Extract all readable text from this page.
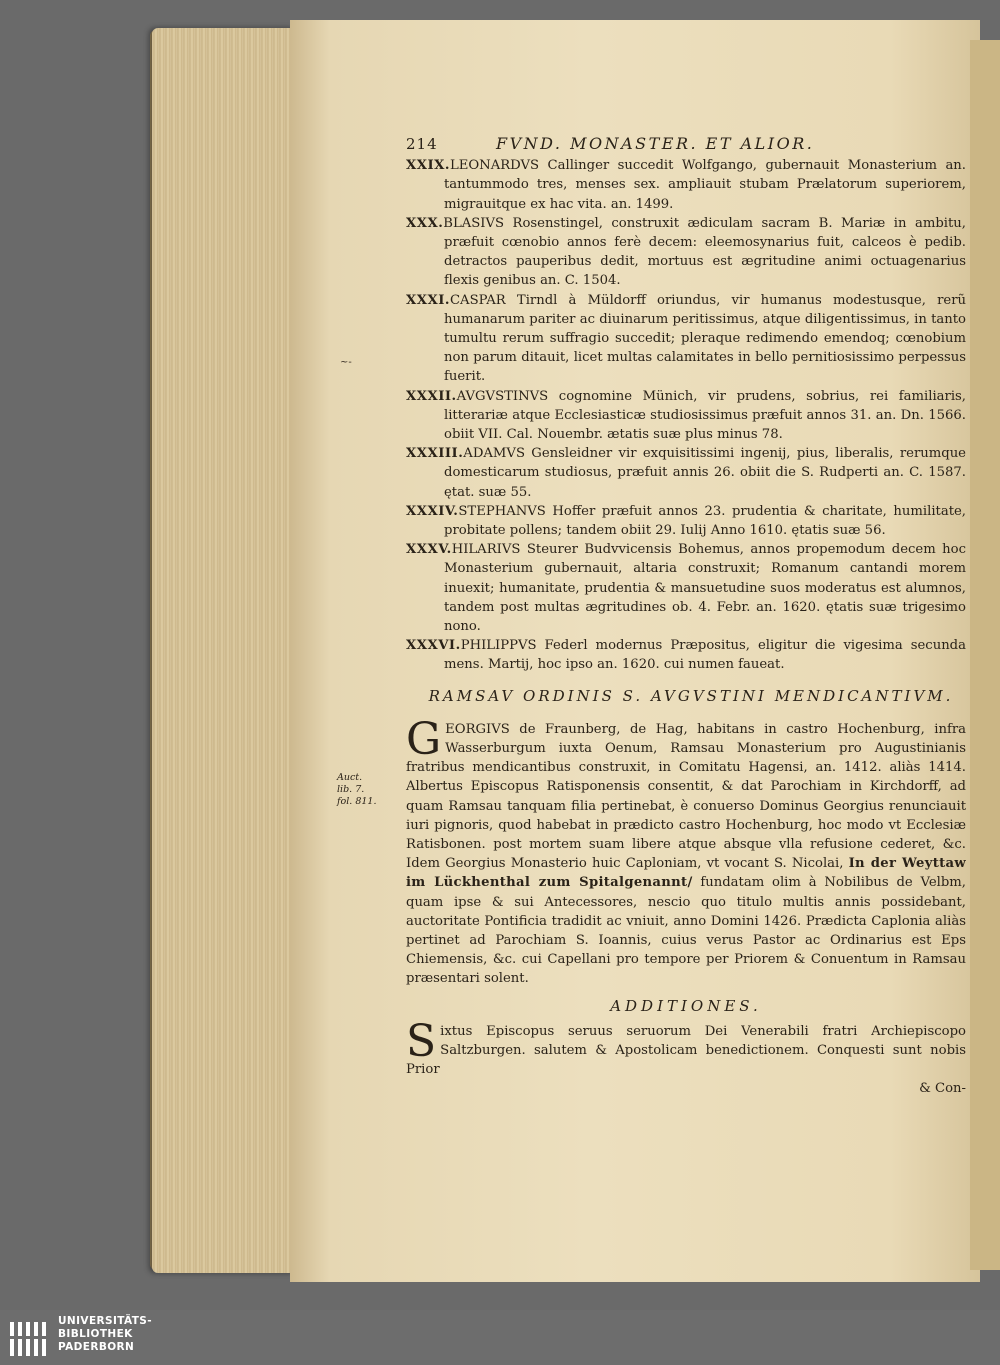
~-
Auct. lib. 7. fol. 811.
214	FVND. MONASTER. ET ALIOR.
XXIX.LEONARDVS Callinger succedit Wolfgango, gubernauit Monasterium an. tantummodo tres, menses sex. ampliauit stubam Prælatorum superiorem, migrauitque ex hac vita. an. 1499.
XXX.BLASIVS Rosenstingel, construxit ædiculam sacram B. Mariæ in ambitu, præfuit cœnobio annos ferè decem: eleemosynarius fuit, calceos è pedib. detractos pauperibus dedit, mortuus est ægritudine animi octuagenarius flexis genibus an. C. 1504.
XXXI.CASPAR Tirndl à Müldorff oriundus, vir humanus modestusque, rerũ humanarum pariter ac diuinarum peritissimus, atque diligentissimus, in tanto tumultu rerum suffragio succedit; pleraque redimendo emendoq; cœnobium non parum ditauit, licet multas calamitates in bello pernitiosissimo perpessus fuerit.
XXXII.AVGVSTINVS cognomine Münich, vir prudens, sobrius, rei familiaris, litterariæ atque Ecclesiasticæ studiosissimus præfuit annos 31. an. Dn. 1566. obiit VII. Cal. Nouembr. ætatis suæ plus minus 78.
XXXIII.ADAMVS Gensleidner vir exquisitissimi ingenij, pius, liberalis, rerumque domesticarum studiosus, præfuit annis 26. obiit die S. Rudperti an. C. 1587. ętat. suæ 55.
XXXIV.STEPHANVS Hoffer præfuit annos 23. prudentia & charitate, humilitate, probitate pollens; tandem obiit 29. Iulij Anno 1610. ętatis suæ 56.
XXXV.HILARIVS Steurer Budvvicensis Bohemus, annos propemodum decem hoc Monasterium gubernauit, altaria construxit; Romanum cantandi morem inuexit; humanitate, prudentia & mansuetudine suos moderatus est alumnos, tandem post multas ægritudines ob. 4. Febr. an. 1620. ętatis suæ trigesimo nono.
XXXVI.PHILIPPVS Federl modernus Præpositus, eligitur die vigesima secunda mens. Martij, hoc ipso an. 1620. cui numen faueat.
RAMSAV ORDINIS S. AVGVSTINI MENDICANTIVM.
G EORGIVS de Fraunberg, de Hag, habitans in castro Hochenburg, infra Wasserburgum iuxta Oenum, Ramsau Monasterium pro Augustinianis fratribus mendicantibus construxit, in Comitatu Hagensi, an. 1412. aliàs 1414. Albertus Episcopus Ratisponensis consentit, & dat Parochiam in Kirchdorff, ad quam Ramsau tanquam filia pertinebat, è conuerso Dominus Georgius renunciauit iuri pignoris, quod habebat in prædicto castro Hochenburg, hoc modo vt Ecclesiæ Ratisbonen. post mortem suam libere atque absque vlla refusione cederet, &c. Idem Georgius Monasterio huic Caploniam, vt vocant S. Nicolai, In der Weyttaw im Lückhenthal zum Spitalgenannt/ fundatam olim à Nobilibus de Velbm, quam ipse & sui Antecessores, nescio quo titulo multis annis possidebant, auctoritate Pontificia tradidit ac vniuit, anno Domini 1426. Prædicta Caplonia aliàs pertinet ad Parochiam S. Ioannis, cuius verus Pastor ac Ordinarius est Eps Chiemensis, &c. cui Capellani pro tempore per Priorem & Conuentum in Ramsau præsentari solent.
ADDITIONES.
S ixtus Episcopus seruus seruorum Dei Venerabili fratri Archiepiscopo Saltzburgen. salutem & Apostolicam benedictionem. Conquesti sunt nobis Prior
& Con-
UNIVERSITÄTS-
BIBLIOTHEK
PADERBORN
